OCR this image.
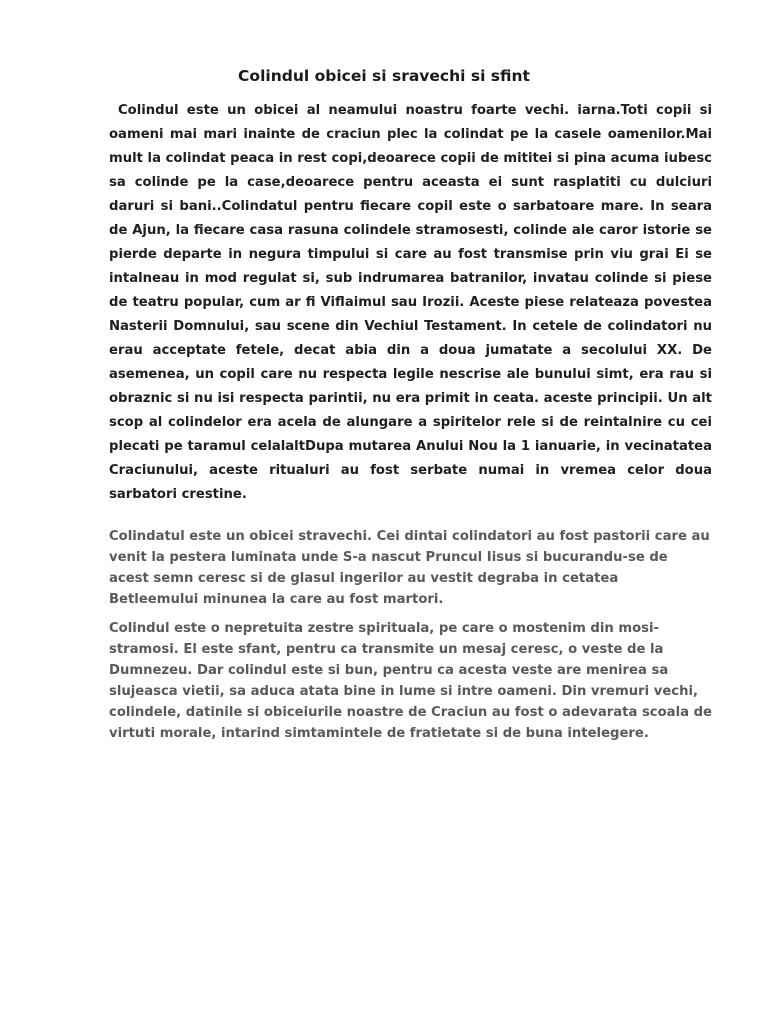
Colindul obicei si sravechi si sfint

Colindul este un obicei al neamului noastru foarte vechi. iarna.Toti copii si oameni mai mari inainte de craciun plec la colindat pe la casele oamenilor.Mai mult la colindat peaca in rest copi,deoarece copii de mititei si pina acuma iubesc sa colinde pe la case,deoarece pentru aceasta ei sunt rasplatiti cu dulciuri daruri si bani..Colindatul pentru fiecare copil este o sarbatoare mare. In seara de Ajun, la fiecare casa rasuna colindele stramosesti, colinde ale caror istorie se pierde departe in negura timpului si care au fost transmise prin viu grai Ei se intalneau in mod regulat si, sub indrumarea batranilor, invatau colinde si piese de teatru popular, cum ar fi Viflaimul sau Irozii. Aceste piese relateaza povestea Nasterii Domnului, sau scene din Vechiul Testament. In cetele de colindatori nu erau acceptate fetele, decat abia din a doua jumatate a secolului XX. De asemenea, un copil care nu respecta legile nescrise ale bunului simt, era rau si obraznic si nu isi respecta parintii, nu era primit in ceata. aceste principii. Un alt scop al colindelor era acela de alungare a spiritelor rele si de reintalnire cu cei plecati pe taramul celalaltDupa mutarea Anului Nou la 1 ianuarie, in vecinatatea Craciunului, aceste ritualuri au fost serbate numai in vremea celor doua sarbatori crestine.

Colindatul este un obicei stravechi. Cei dintai colindatori au fost pastorii care au venit la pestera luminata unde S-a nascut Pruncul Iisus si bucurandu-se de acest semn ceresc si de glasul ingerilor au vestit degraba in cetatea Betleemului minunea la care au fost martori.

Colindul este o nepretuita zestre spirituala, pe care o mostenim din mosi-stramosi. El este sfant, pentru ca transmite un mesaj ceresc, o veste de la Dumnezeu. Dar colindul este si bun, pentru ca acesta veste are menirea sa slujeasca vietii, sa aduca atata bine in lume si intre oameni. Din vremuri vechi, colindele, datinile si obiceiurile noastre de Craciun au fost o adevarata scoala de virtuti morale, intarind simtamintele de fratietate si de buna intelegere.
